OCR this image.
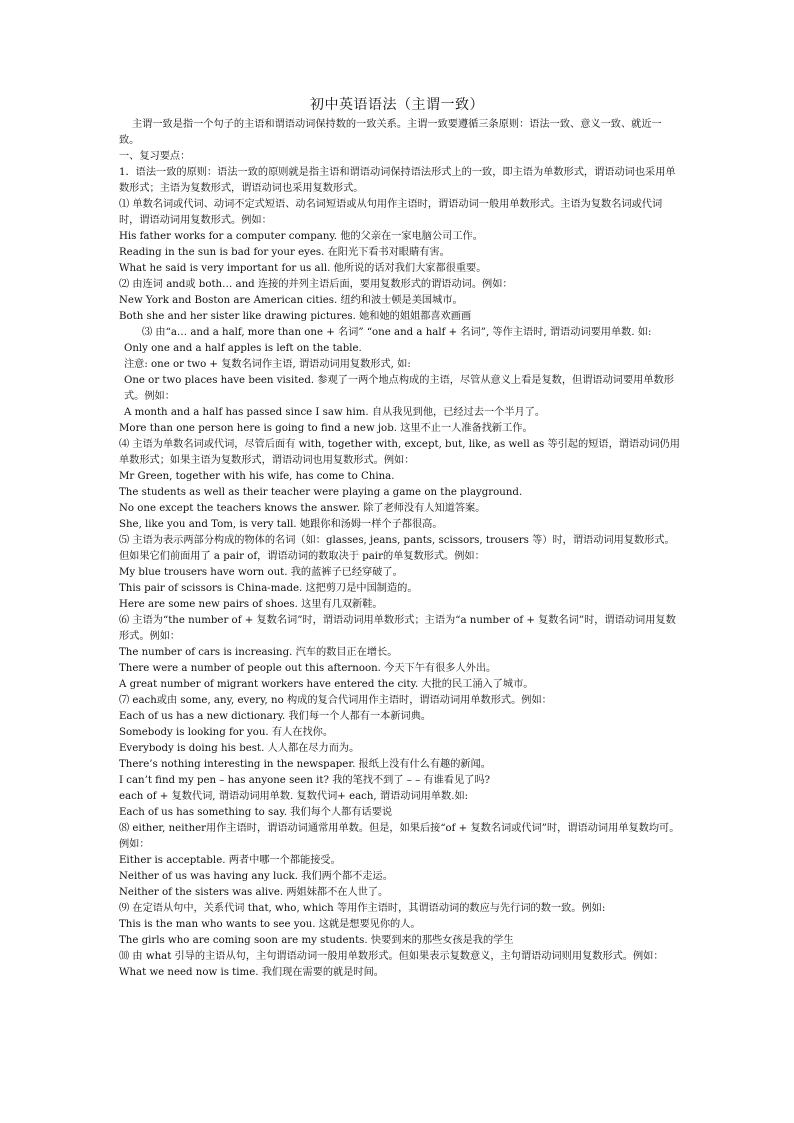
初中英语语法（主谓一致）

主谓一致是指一个句子的主语和谓语动词保持数的一致关系。主谓一致要遵循三条原则：语法一致、意义一致、就近一致。

一、复习要点：

1．语法一致的原则：语法一致的原则就是指主语和谓语动词保持语法形式上的一致，即主语为单数形式，谓语动词也采用单数形式；主语为复数形式，谓语动词也采用复数形式。

⑴ 单数名词或代词、动词不定式短语、动名词短语或从句用作主语时，谓语动词一般用单数形式。主语为复数名词或代词时，谓语动词用复数形式。例如：

His father works for a computer company. 他的父亲在一家电脑公司工作。

Reading in the sun is bad for your eyes. 在阳光下看书对眼睛有害。

What he said is very important for us all. 他所说的话对我们大家都很重要。

⑵ 由连词 and或 both… and 连接的并列主语后面，要用复数形式的谓语动词。例如：

New York and Boston are American cities. 纽约和波士顿是美国城市。

Both she and her sister like drawing pictures. 她和她的姐姐都喜欢画画

⑶ 由“a… and a half, more than one + 名词” “one and a half + 名词”, 等作主语时, 谓语动词要用单数. 如:

Only one and a half apples is left on the table.

注意: one or two + 复数名词作主语, 谓语动词用复数形式, 如:

One or two places have been visited. 参观了一两个地点构成的主语，尽管从意义上看是复数，但谓语动词要用单数形式。例如：

A month and a half has passed since I saw him. 自从我见到他，已经过去一个半月了。

More than one person here is going to find a new job. 这里不止一人准备找新工作。

⑷ 主语为单数名词或代词，尽管后面有 with, together with, except, but, like, as well as 等引起的短语，谓语动词仍用单数形式；如果主语为复数形式，谓语动词也用复数形式。例如：

Mr Green, together with his wife, has come to China.

The students as well as their teacher were playing a game on the playground.

No one except the teachers knows the answer. 除了老师没有人知道答案。

She, like you and Tom, is very tall. 她跟你和汤姆一样个子都很高。

⑸ 主语为表示两部分构成的物体的名词（如：glasses, jeans, pants, scissors, trousers 等）时，谓语动词用复数形式。但如果它们前面用了 a pair of，谓语动词的数取决于 pair的单复数形式。例如：

My blue trousers have worn out. 我的蓝裤子已经穿破了。

This pair of scissors is China-made. 这把剪刀是中国制造的。

Here are some new pairs of shoes. 这里有几双新鞋。

⑹ 主语为“the number of + 复数名词”时，谓语动词用单数形式；主语为“a number of + 复数名词”时，谓语动词用复数形式。例如：

The number of cars is increasing. 汽车的数目正在增长。

There were a number of people out this afternoon. 今天下午有很多人外出。

A great number of migrant workers have entered the city. 大批的民工涌入了城市。

⑺ each或由 some, any, every, no 构成的复合代词用作主语时，谓语动词用单数形式。例如：

Each of us has a new dictionary. 我们每一个人都有一本新词典。

Somebody is looking for you. 有人在找你。

Everybody is doing his best. 人人都在尽力而为。

There’s nothing interesting in the newspaper. 报纸上没有什么有趣的新闻。

I can’t find my pen – has anyone seen it? 我的笔找不到了 – – 有谁看见了吗?

each of + 复数代词, 谓语动词用单数. 复数代词+ each, 谓语动词用单数.如:

Each of us has something to say. 我们每个人都有话要说

⑻ either, neither用作主语时，谓语动词通常用单数。但是，如果后接“of + 复数名词或代词”时，谓语动词用单复数均可。例如：

Either is acceptable. 两者中哪一个都能接受。

Neither of us was having any luck. 我们两个都不走运。

Neither of the sisters was alive. 两姐妹都不在人世了。

⑼ 在定语从句中，关系代词 that, who, which 等用作主语时，其谓语动词的数应与先行词的数一致。例如:

This is the man who wants to see you. 这就是想要见你的人。

The girls who are coming soon are my students. 快要到来的那些女孩是我的学生

⑽ 由 what 引导的主语从句，主句谓语动词一般用单数形式。但如果表示复数意义，主句谓语动词则用复数形式。例如：

What we need now is time. 我们现在需要的就是时间。
